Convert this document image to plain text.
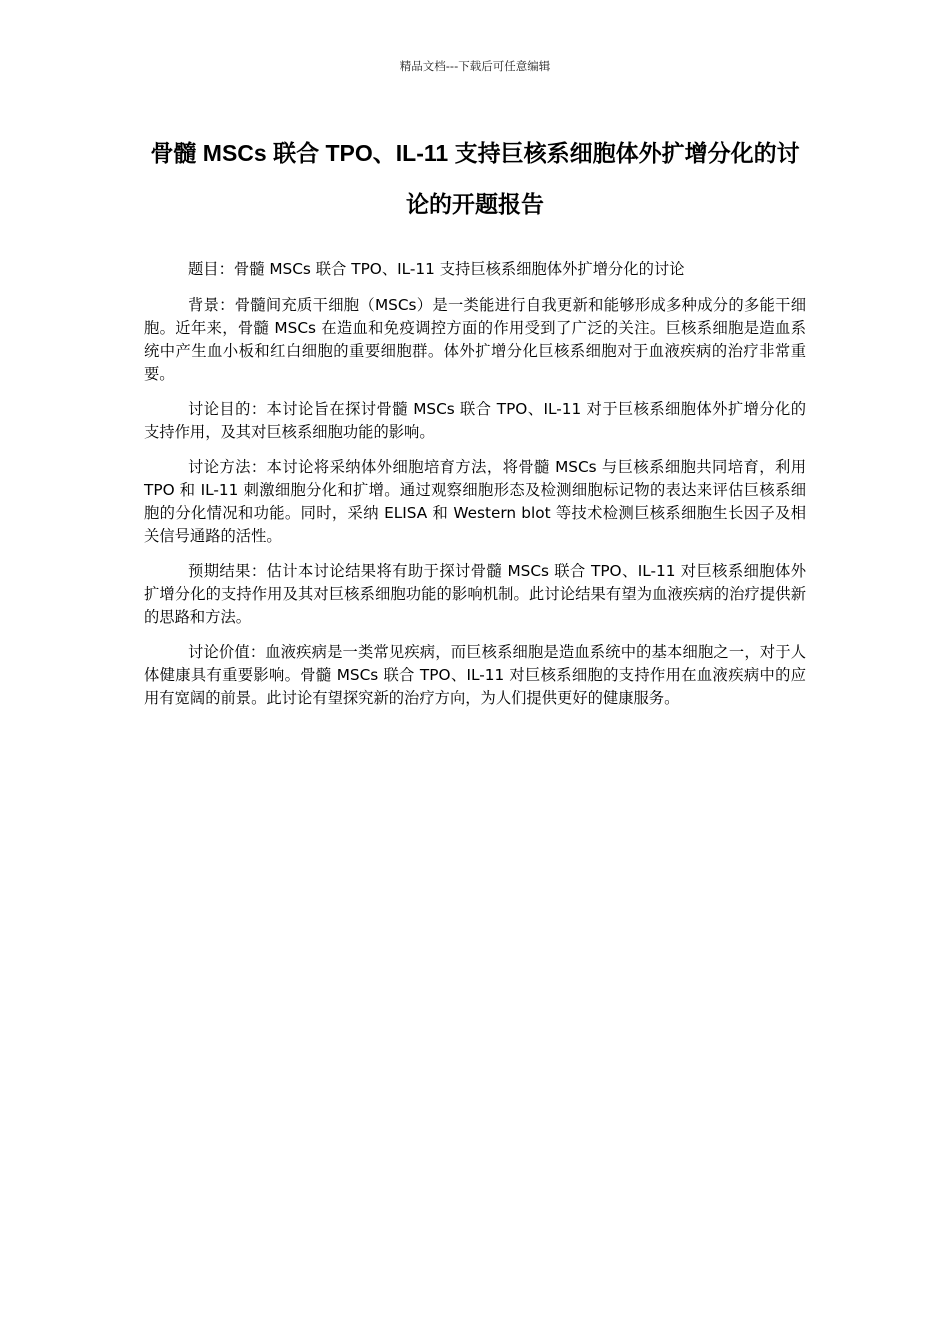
精品文档---下载后可任意编辑
骨髓 MSCs 联合 TPO、IL-11 支持巨核系细胞体外扩增分化的讨论的开题报告

题目：骨髓 MSCs 联合 TPO、IL-11 支持巨核系细胞体外扩增分化的讨论

背景：骨髓间充质干细胞（MSCs）是一类能进行自我更新和能够形成多种成分的多能干细胞。近年来，骨髓 MSCs 在造血和免疫调控方面的作用受到了广泛的关注。巨核系细胞是造血系统中产生血小板和红白细胞的重要细胞群。体外扩增分化巨核系细胞对于血液疾病的治疗非常重要。

讨论目的：本讨论旨在探讨骨髓 MSCs 联合 TPO、IL-11 对于巨核系细胞体外扩增分化的支持作用，及其对巨核系细胞功能的影响。

讨论方法：本讨论将采纳体外细胞培育方法，将骨髓 MSCs 与巨核系细胞共同培育，利用 TPO 和 IL-11 刺激细胞分化和扩增。通过观察细胞形态及检测细胞标记物的表达来评估巨核系细胞的分化情况和功能。同时，采纳 ELISA 和 Western blot 等技术检测巨核系细胞生长因子及相关信号通路的活性。

预期结果：估计本讨论结果将有助于探讨骨髓 MSCs 联合 TPO、IL-11 对巨核系细胞体外扩增分化的支持作用及其对巨核系细胞功能的影响机制。此讨论结果有望为血液疾病的治疗提供新的思路和方法。

讨论价值：血液疾病是一类常见疾病，而巨核系细胞是造血系统中的基本细胞之一，对于人体健康具有重要影响。骨髓 MSCs 联合 TPO、IL-11 对巨核系细胞的支持作用在血液疾病中的应用有宽阔的前景。此讨论有望探究新的治疗方向，为人们提供更好的健康服务。
